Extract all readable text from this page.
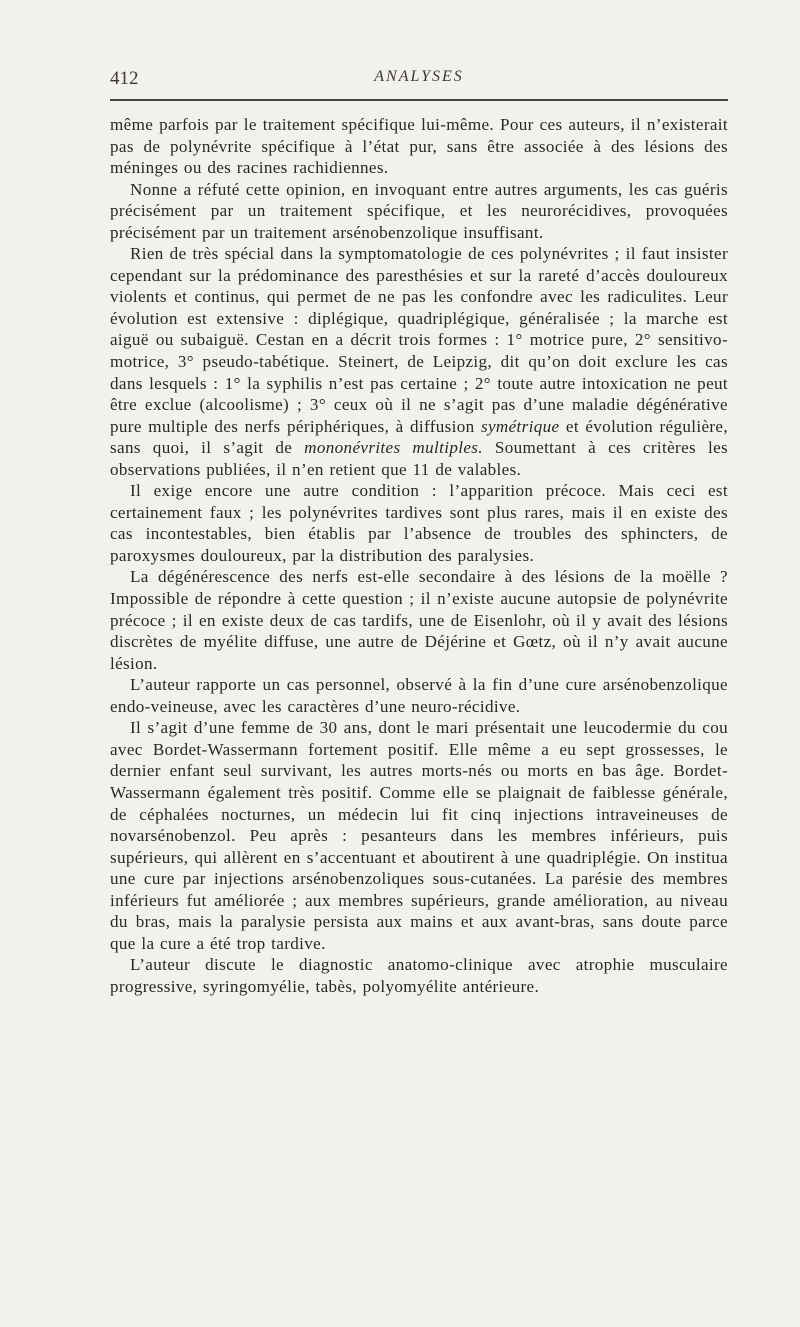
412	ANALYSES

même parfois par le traitement spécifique lui-même. Pour ces auteurs, il n’existerait pas de polynévrite spécifique à l’état pur, sans être associée à des lésions des méninges ou des racines rachidiennes.

Nonne a réfuté cette opinion, en invoquant entre autres arguments, les cas guéris précisément par un traitement spécifique, et les neurorécidives, provoquées précisément par un traitement arsénobenzolique insuffisant.

Rien de très spécial dans la symptomatologie de ces polynévrites ; il faut insister cependant sur la prédominance des paresthésies et sur la rareté d’accès douloureux violents et continus, qui permet de ne pas les confondre avec les radiculites. Leur évolution est extensive : diplégique, quadriplégique, généralisée ; la marche est aiguë ou subaiguë. Cestan en a décrit trois formes : 1° motrice pure, 2° sensitivo-motrice, 3° pseudo-tabétique. Steinert, de Leipzig, dit qu’on doit exclure les cas dans lesquels : 1° la syphilis n’est pas certaine ; 2° toute autre intoxication ne peut être exclue (alcoolisme) ; 3° ceux où il ne s’agit pas d’une maladie dégénérative pure multiple des nerfs périphériques, à diffusion symétrique et évolution régulière, sans quoi, il s’agit de mononévrites multiples. Soumettant à ces critères les observations publiées, il n’en retient que 11 de valables.

Il exige encore une autre condition : l’apparition précoce. Mais ceci est certainement faux ; les polynévrites tardives sont plus rares, mais il en existe des cas incontestables, bien établis par l’absence de troubles des sphincters, de paroxysmes douloureux, par la distribution des paralysies.

La dégénérescence des nerfs est-elle secondaire à des lésions de la moëlle ? Impossible de répondre à cette question ; il n’existe aucune autopsie de polynévrite précoce ; il en existe deux de cas tardifs, une de Eisenlohr, où il y avait des lésions discrètes de myélite diffuse, une autre de Déjérine et Gœtz, où il n’y avait aucune lésion.

L’auteur rapporte un cas personnel, observé à la fin d’une cure arsénobenzolique endo-veineuse, avec les caractères d’une neuro-récidive.

Il s’agit d’une femme de 30 ans, dont le mari présentait une leucodermie du cou avec Bordet-Wassermann fortement positif. Elle même a eu sept grossesses, le dernier enfant seul survivant, les autres morts-nés ou morts en bas âge. Bordet-Wassermann également très positif. Comme elle se plaignait de faiblesse générale, de céphalées nocturnes, un médecin lui fit cinq injections intraveineuses de novarsénobenzol. Peu après : pesanteurs dans les membres inférieurs, puis supérieurs, qui allèrent en s’accentuant et aboutirent à une quadriplégie. On institua une cure par injections arsénobenzoliques sous-cutanées. La parésie des membres inférieurs fut améliorée ; aux membres supérieurs, grande amélioration, au niveau du bras, mais la paralysie persista aux mains et aux avant-bras, sans doute parce que la cure a été trop tardive.

L’auteur discute le diagnostic anatomo-clinique avec atrophie musculaire progressive, syringomyélie, tabès, polyomyélite antérieure.
